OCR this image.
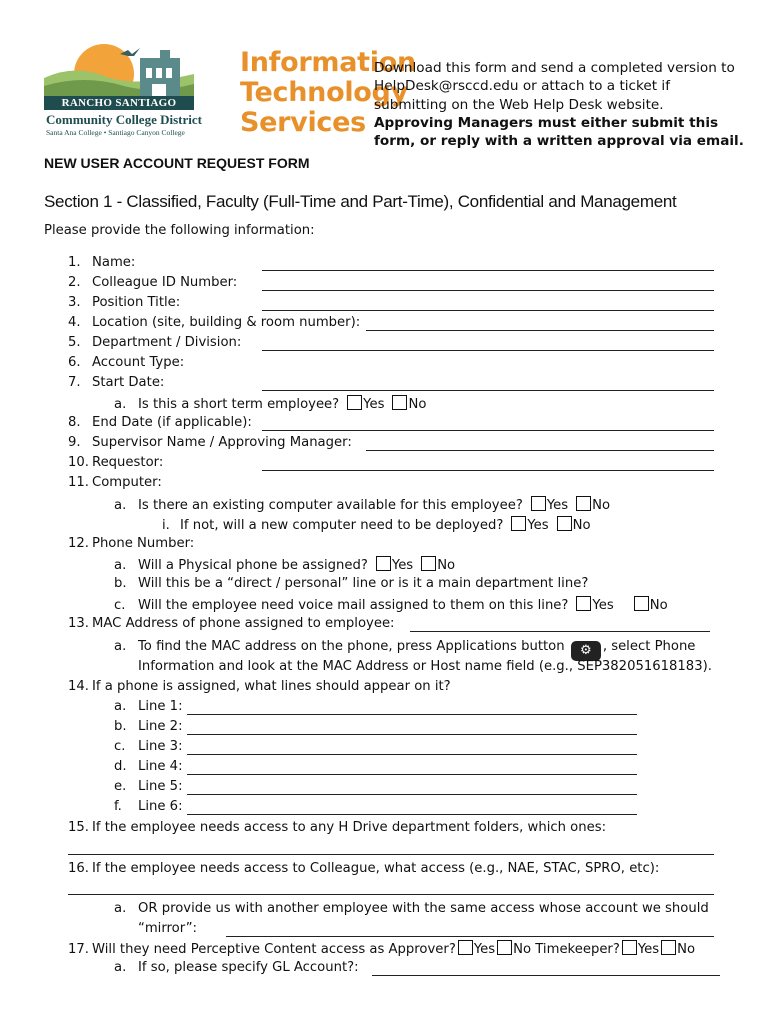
RANCHO SANTIAGO
Community College District
Santa Ana College • Santiago Canyon College
Information
Technology
Services
Download this form and send a completed version to HelpDesk@rsccd.edu or attach to a ticket if submitting on the Web Help Desk website.
Approving Managers must either submit this form, or reply with a written approval via email.
NEW USER ACCOUNT REQUEST FORM
Section 1 - Classified, Faculty (Full-Time and Part-Time), Confidential and Management
Please provide the following information:
1. Name:
2. Colleague ID Number:
3. Position Title:
4. Location (site, building & room number):
5. Department / Division:
6. Account Type:
7. Start Date:
a. Is this a short term employee? Yes No
8. End Date (if applicable):
9. Supervisor Name / Approving Manager:
10. Requestor:
11. Computer:
a. Is there an existing computer available for this employee? Yes No
i. If not, will a new computer need to be deployed? Yes No
12. Phone Number:
a. Will a Physical phone be assigned? Yes No
b. Will this be a “direct / personal” line or is it a main department line?
c. Will the employee need voice mail assigned to them on this line? Yes	No
13. MAC Address of phone assigned to employee:
a. To find the MAC address on the phone, press Applications button ⚙ , select Phone
Information and look at the MAC Address or Host name field (e.g., SEP382051618183).
14. If a phone is assigned, what lines should appear on it?
a. Line 1:
b. Line 2:
c. Line 3:
d. Line 4:
e. Line 5:
f. Line 6:
15. If the employee needs access to any H Drive department folders, which ones:
16. If the employee needs access to Colleague, what access (e.g., NAE, STAC, SPRO, etc):
a. OR provide us with another employee with the same access whose account we should
“mirror”:
17. Will they need Perceptive Content access as Approver? Yes No Timekeeper? Yes No
a. If so, please specify GL Account?:
